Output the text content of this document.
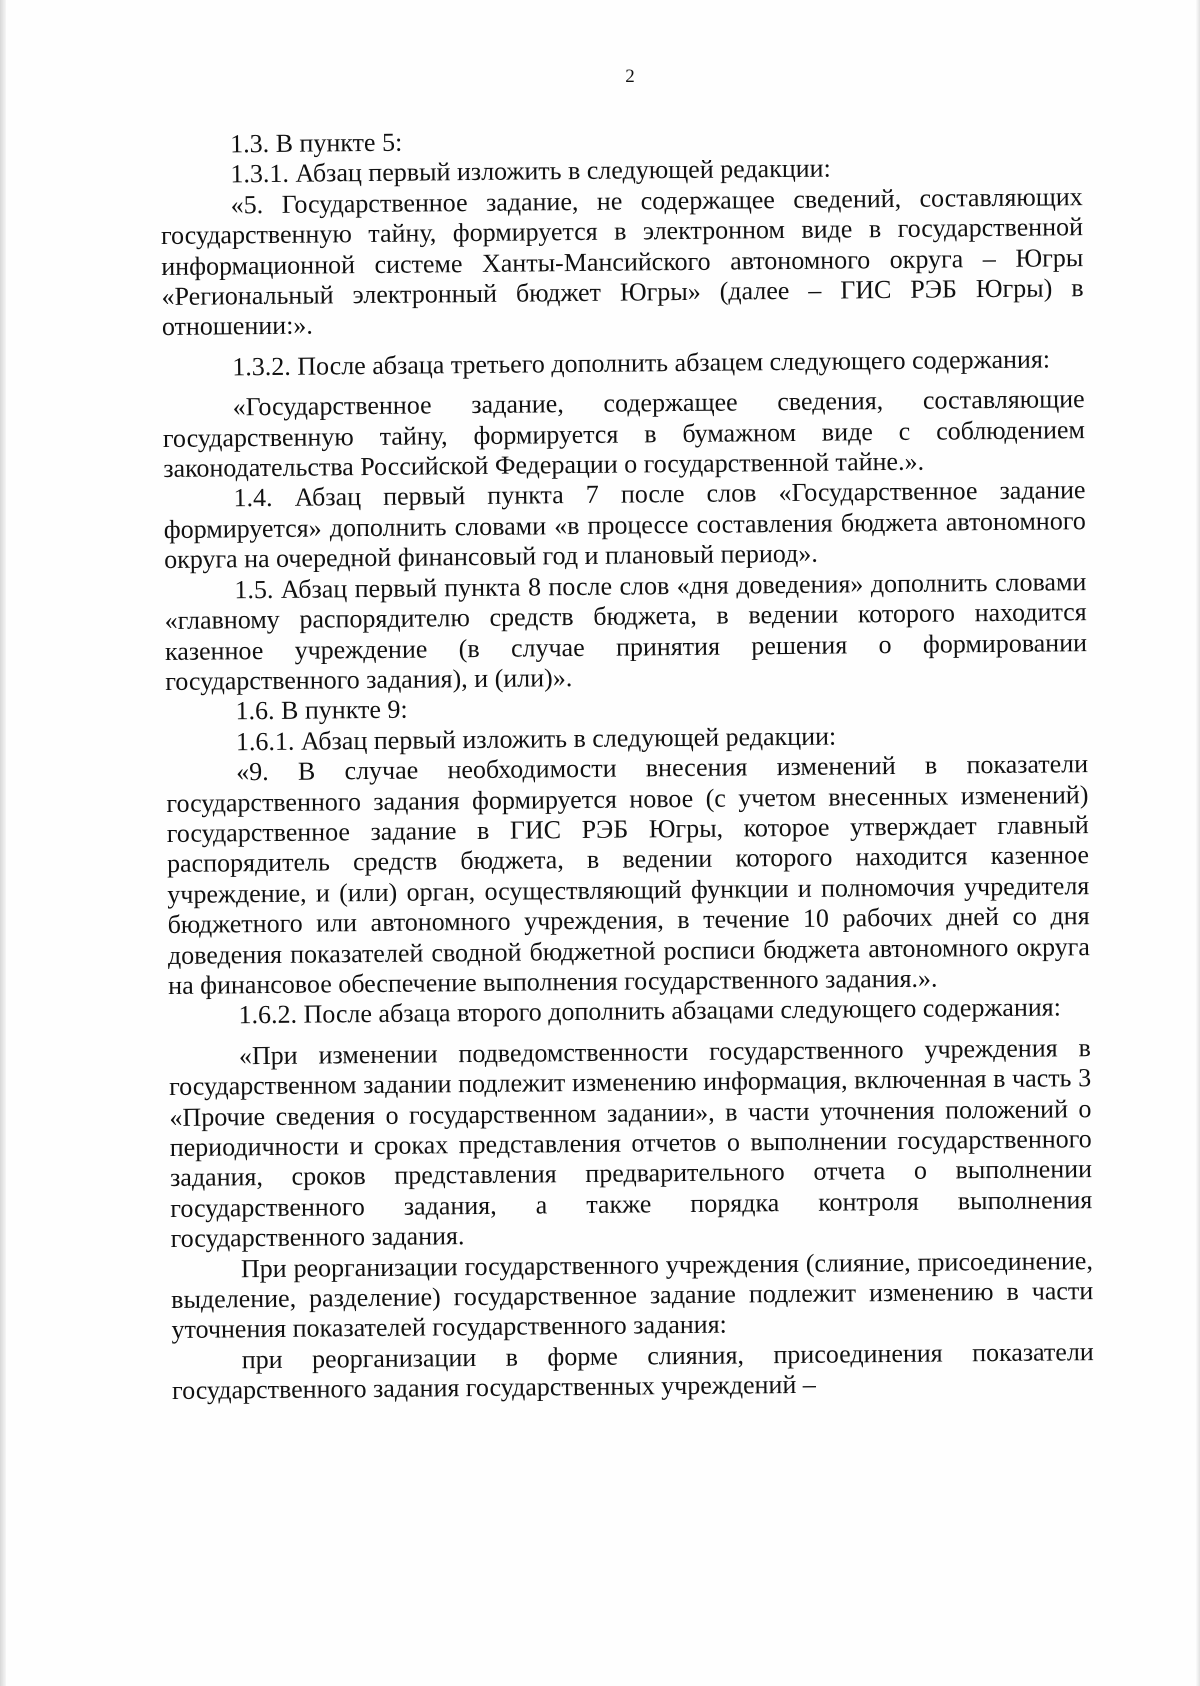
2

1.3. В пункте 5:

1.3.1. Абзац первый изложить в следующей редакции:

«5. Государственное задание, не содержащее сведений, составляющих государственную тайну, формируется в электронном виде в государственной информационной системе Ханты-Мансийского автономного округа – Югры «Региональный электронный бюджет Югры» (далее – ГИС РЭБ Югры) в отношении:».

1.3.2. После абзаца третьего дополнить абзацем следующего содержания:

«Государственное задание, содержащее сведения, составляющие государственную тайну, формируется в бумажном виде с соблюдением законодательства Российской Федерации о государственной тайне.».

1.4. Абзац первый пункта 7 после слов «Государственное задание формируется» дополнить словами «в процессе составления бюджета автономного округа на очередной финансовый год и плановый период».

1.5. Абзац первый пункта 8 после слов «дня доведения» дополнить словами «главному распорядителю средств бюджета, в ведении которого находится казенное учреждение (в случае принятия решения о формировании государственного задания), и (или)».

1.6. В пункте 9:

1.6.1. Абзац первый изложить в следующей редакции:

«9. В случае необходимости внесения изменений в показатели государственного задания формируется новое (с учетом внесенных изменений) государственное задание в ГИС РЭБ Югры, которое утверждает главный распорядитель средств бюджета, в ведении которого находится казенное учреждение, и (или) орган, осуществляющий функции и полномочия учредителя бюджетного или автономного учреждения, в течение 10 рабочих дней со дня доведения показателей сводной бюджетной росписи бюджета автономного округа на финансовое обеспечение выполнения государственного задания.».

1.6.2. После абзаца второго дополнить абзацами следующего содержания:

«При изменении подведомственности государственного учреждения в государственном задании подлежит изменению информация, включенная в часть 3 «Прочие сведения о государственном задании», в части уточнения положений о периодичности и сроках представления отчетов о выполнении государственного задания, сроков представления предварительного отчета о выполнении государственного задания, а также порядка контроля выполнения государственного задания.

При реорганизации государственного учреждения (слияние, присоединение, выделение, разделение) государственное задание подлежит изменению в части уточнения показателей государственного задания:

при реорганизации в форме слияния, присоединения показатели государственного задания государственных учреждений –
